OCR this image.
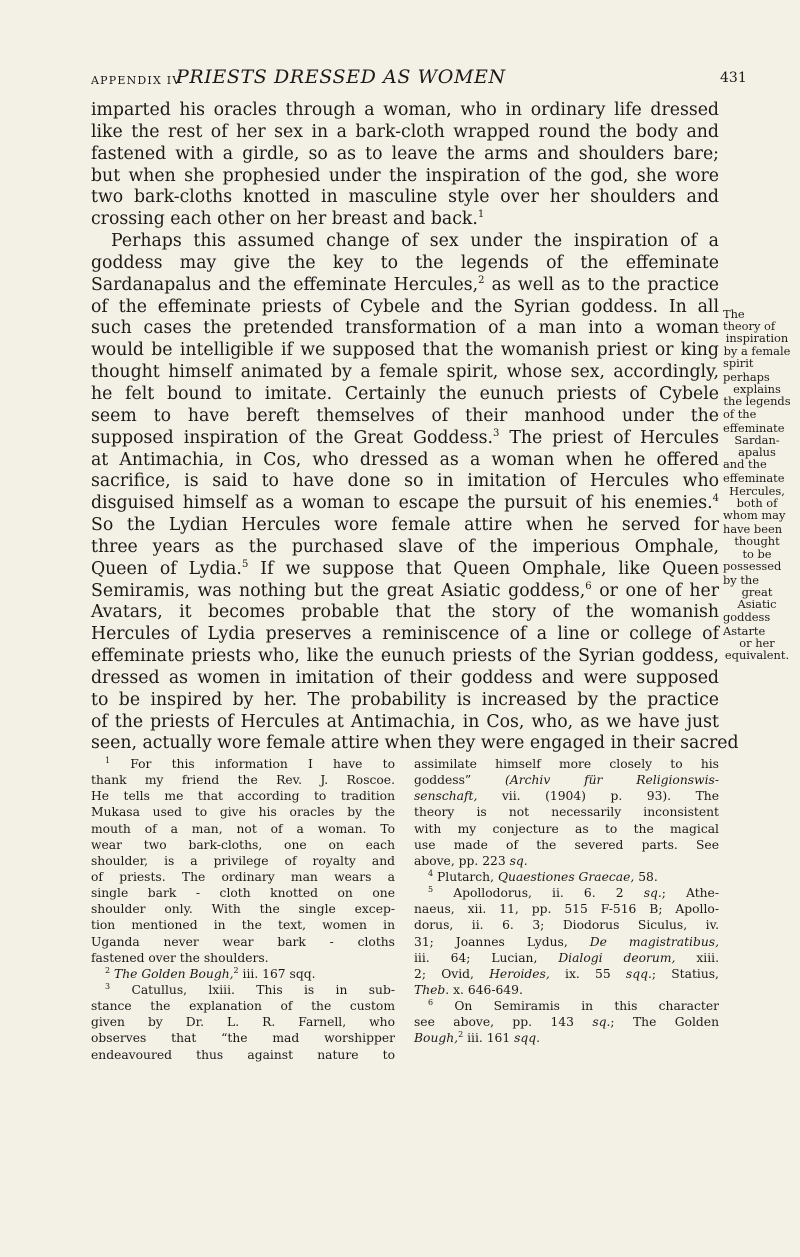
APPENDIX IV
PRIESTS DRESSED AS WOMEN	431
imparted his oracles through a woman, who in ordinary life dressed
like the rest of her sex in a bark-cloth wrapped round the body and
fastened with a girdle, so as to leave the arms and shoulders bare;
but when she prophesied under the inspiration of the god, she wore
two bark-cloths knotted in masculine style over her shoulders and
crossing each other on her breast and back.$^1$
Perhaps this assumed change of sex under the inspiration of a
goddess may give the key to the legends of the effeminate
Sardanapalus and the effeminate Hercules,$^2$ as well as to the practice
of the effeminate priests of Cybele and the Syrian goddess. In all
such cases the pretended transformation of a man into a woman
would be intelligible if we supposed that the womanish priest or king
thought himself animated by a female spirit, whose sex, accordingly,
he felt bound to imitate. Certainly the eunuch priests of Cybele
seem to have bereft themselves of their manhood under the
supposed inspiration of the Great Goddess.$^3$ The priest of Hercules
at Antimachia, in Cos, who dressed as a woman when he offered
sacrifice, is said to have done so in imitation of Hercules who
disguised himself as a woman to escape the pursuit of his enemies.$^4$
So the Lydian Hercules wore female attire when he served for
three years as the purchased slave of the imperious Omphale,
Queen of Lydia.$^5$ If we suppose that Queen Omphale, like Queen
Semiramis, was nothing but the great Asiatic goddess,$^6$ or one of her
Avatars, it becomes probable that the story of the womanish
Hercules of Lydia preserves a reminiscence of a line or college of
effeminate priests who, like the eunuch priests of the Syrian goddess,
dressed as women in imitation of their goddess and were supposed
to be inspired by her. The probability is increased by the practice
of the priests of Hercules at Antimachia, in Cos, who, as we have just
seen, actually wore female attire when they were engaged in their sacred
The
theory of
inspiration
by a female
spirit
perhaps
explains
the legends
of the
effeminate
Sardan-
apalus
and the
effeminate
Hercules,
both of
whom may
have been
thought
to be
possessed
by the
great
Asiatic
goddess
Astarte
or her
equivalent.
$^1$ For this information I have to
thank my friend the Rev. J. Roscoe.
He tells me that according to tradition
Mukasa used to give his oracles by the
mouth of a man, not of a woman. To
wear two bark-cloths, one on each
shoulder, is a privilege of royalty and
of priests. The ordinary man wears a
single bark - cloth knotted on one
shoulder only. With the single excep-
tion mentioned in the text, women in
Uganda never wear bark - cloths
fastened over the shoulders.
$^2$ The Golden Bough,$^2$ iii. 167 sqq.
$^3$ Catullus, lxiii. This is in sub-
stance the explanation of the custom
given by Dr. L. R. Farnell, who
observes that “the mad worshipper
endeavoured thus against nature to
assimilate himself more closely to his
goddess”	(Archiv für Religionswis-
senschaft, vii. (1904) p. 93). The
theory is not necessarily inconsistent
with my conjecture as to the magical
use made of the severed parts. See
above, pp. 223 sq.
$^4$ Plutarch, Quaestiones Graecae, 58.
$^5$ Apollodorus, ii. 6. 2 sq.; Athe-
naeus, xii. 11, pp. 515 F-516 B; Apollo-
dorus, ii. 6. 3; Diodorus Siculus, iv.
31; Joannes Lydus, De magistratibus,
iii. 64; Lucian, Dialogi deorum, xiii.
2; Ovid, Heroides, ix. 55 sqq.; Statius,
Theb. x. 646-649.
$^6$ On Semiramis in this character
see above, pp. 143 sq.; The Golden
Bough,$^2$ iii. 161 sqq.
